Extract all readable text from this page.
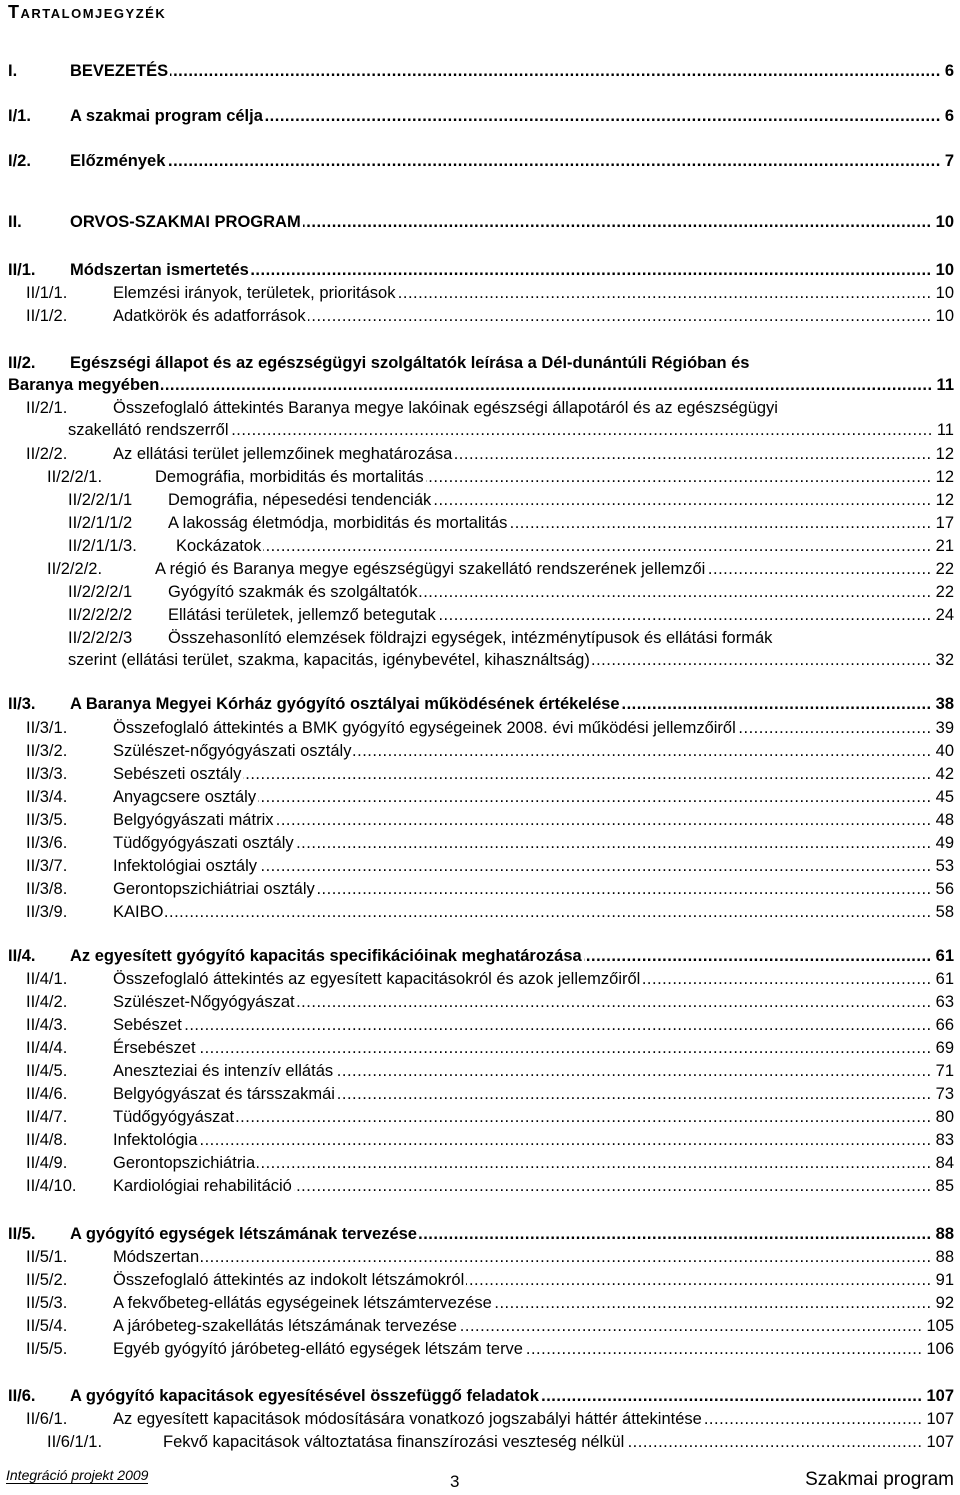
Tartalomjegyzék
I.	BEVEZETÉS .....	6
I/1. A szakmai program célja .....	6
I/2. Előzmények .....	7
II.	ORVOS-SZAKMAI PROGRAM .....	10
II/1. Módszertan ismertetés .....	10
II/1/1.	Elemzési irányok, területek, prioritások .....	10
II/1/2.	Adatkörök és adatforrások .....	10
II/2. Egészségi állapot és az egészségügyi szolgáltatók leírása a Dél-dunántúli Régióban és
Baranya megyében .....	11
II/2/1.	Összefoglaló áttekintés Baranya megye lakóinak egészségi állapotáról és az egészségügyi
szakellátó rendszerről .....	11
II/2/2.	Az ellátási terület jellemzőinek meghatározása .....	12
II/2/2/1.	Demográfia, morbiditás és mortalitás .....	12
II/2/2/1/1 Demográfia, népesedési tendenciák .....	12
II/2/1/1/2 A lakosság életmódja, morbiditás és mortalitás .....	17
II/2/1/1/3. Kockázatok .....	21
II/2/2/2.	A régió és Baranya megye egészségügyi szakellátó rendszerének jellemzői .....	22
II/2/2/2/1 Gyógyító szakmák és szolgáltatók .....	22
II/2/2/2/2 Ellátási területek, jellemző betegutak .....	24
II/2/2/2/3 Összehasonlító elemzések földrajzi egységek, intézménytípusok és ellátási formák
szerint (ellátási terület, szakma, kapacitás, igénybevétel, kihasználtság) .....	32
II/3. A Baranya Megyei Kórház gyógyító osztályai működésének értékelése .....	38
II/3/1.	Összefoglaló áttekintés a BMK gyógyító egységeinek 2008. évi működési jellemzőiről .....	39
II/3/2.	Szülészet-nőgyógyászati osztály .....	40
II/3/3.	Sebészeti osztály .....	42
II/3/4.	Anyagcsere osztály .....	45
II/3/5.	Belgyógyászati mátrix .....	48
II/3/6.	Tüdőgyógyászati osztály .....	49
II/3/7.	Infektológiai osztály .....	53
II/3/8.	Gerontopszichiátriai osztály .....	56
II/3/9.	KAIBO .....	58
II/4. Az egyesített gyógyító kapacitás specifikációinak meghatározása .....	61
II/4/1.	Összefoglaló áttekintés az egyesített kapacitásokról és azok jellemzőiről .....	61
II/4/2.	Szülészet-Nőgyógyászat .....	63
II/4/3.	Sebészet .....	66
II/4/4.	Érsebészet .....	69
II/4/5.	Aneszteziai és intenzív ellátás .....	71
II/4/6.	Belgyógyászat és társszakmái .....	73
II/4/7.	Tüdőgyógyászat .....	80
II/4/8.	Infektológia .....	83
II/4/9.	Gerontopszichiátria .....	84
II/4/10. Kardiológiai rehabilitáció .....	85
II/5. A gyógyító egységek létszámának tervezése .....	88
II/5/1.	Módszertan .....	88
II/5/2.	Összefoglaló áttekintés az indokolt létszámokról .....	91
II/5/3.	A fekvőbeteg-ellátás egységeinek létszámtervezése .....	92
II/5/4.	A járóbeteg-szakellátás létszámának tervezése .....	105
II/5/5.	Egyéb gyógyító járóbeteg-ellátó egységek létszám terve .....	106
II/6. A gyógyító kapacitások egyesítésével összefüggő feladatok .....	107
II/6/1.	Az egyesített kapacitások módosítására vonatkozó jogszabályi háttér áttekintése .....	107
II/6/1/1.	Fekvő kapacitások változtatása finanszírozási veszteség nélkül .....	107
Integráció projekt 2009	3	Szakmai program
